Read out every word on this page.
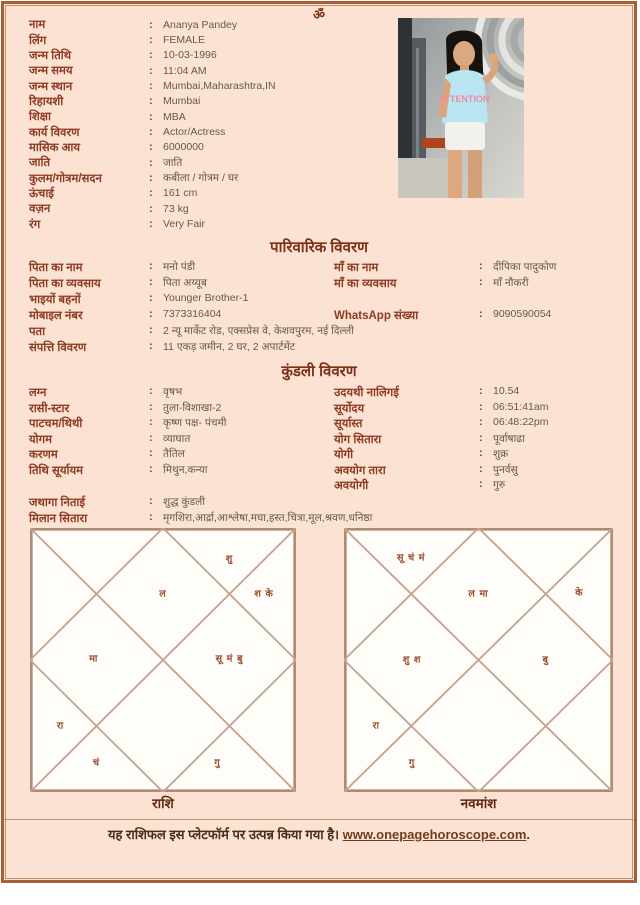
ॐ
नाम	: Ananya Pandey
लिंग	: FEMALE
जन्म तिथि	: 10-03-1996
जन्म समय	: 11:04 AM
जन्म स्थान	: Mumbai,Maharashtra,IN
रिहायशी	: Mumbai
शिक्षा	: MBA
कार्य विवरण	: Actor/Actress
मासिक आय	: 6000000
जाति	: जाति
कुलम/गोत्रम/सदन	: कबीला / गोत्रम / घर
ऊंचाई	: 161 cm
वज़न	: 73 kg
रंग	: Very Fair
ATTENTION
पारिवारिक विवरण
पिता का नाम	: मनो पंडी	माँ का नाम	: दीपिका पादुकोण
पिता का व्यवसाय	: पिता अय्यूब	माँ का व्यवसाय	: माँ नौकरी
भाइयों बहनों	: Younger Brother-1
मोबाइल नंबर	: 7373316404	WhatsApp संख्या	: 9090590054
पता	: 2 न्यू मार्केट रोड, एक्सप्रेस वे, केशवपुरम, नई दिल्ली
संपत्ति विवरण	: 11 एकड़ जमीन, 2 घर, 2 अपार्टमेंट
कुंडली विवरण
लग्न	: वृषभ
रासी-स्टार	: तुला-विशाखा-2
पाटचम/थिथी	: कृष्ण पक्ष- पंचमी
योगम	: व्याघात
करणम	: तैतिल
तिथि सूर्यायम	: मिथुन,कन्या
उदयथी नालिगई	: 10.54
सूर्योदय	: 06:51:41am
सूर्यास्त	: 06:48:22pm
योग सितारा	: पूर्वाषाढा
योगी	: शुक्र
अवयोग तारा	: पुनर्वसु
अवयोगी	: गुरु
जथागा निताई	: शुद्ध कुंडली
मिलान सितारा	: मृगशिरा,आर्द्रा,आश्लेषा,मघा,हस्त,चित्रा,मूल,श्रवण,धनिष्ठा
ल
शु
श के
मा	सू मं बु
रा
चं	गु
राशि
सू चं मं
ल मा	के
शु श	बु
रा
गु
नवमांश
यह राशिफल इस प्लेटफॉर्म पर उत्पन्न किया गया है। www.onepagehoroscope.com.
